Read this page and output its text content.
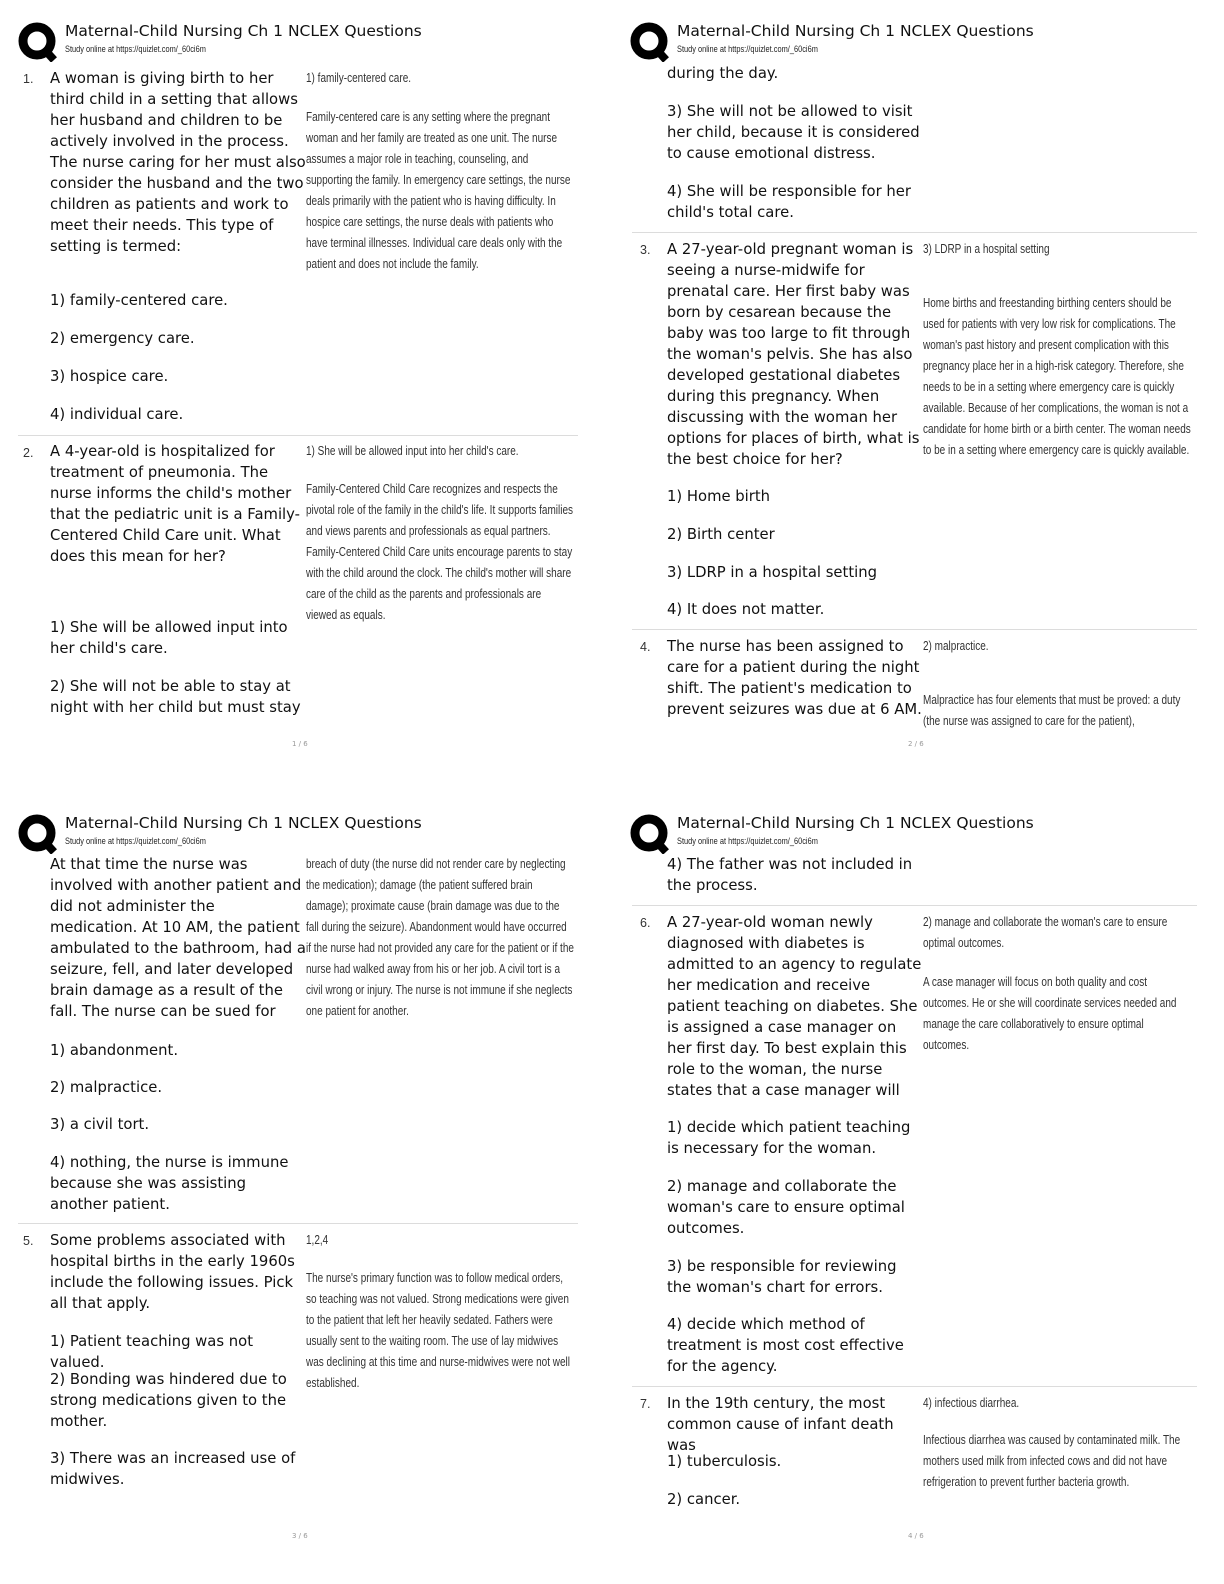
Maternal-Child Nursing Ch 1 NCLEX Questions
Study online at https://quizlet.com/_60ci6m
1. A woman is giving birth to her third child in a setting that allows her husband and children to be actively involved in the process. The nurse caring for her must also consider the husband and the two children as patients and work to meet their needs. This type of setting is termed:
1) family-centered care.
2) emergency care.
3) hospice care.
4) individual care.
1) family-centered care.
Family-centered care is any setting where the pregnant woman and her family are treated as one unit. The nurse assumes a major role in teaching, counseling, and supporting the family. In emergency care settings, the nurse deals primarily with the patient who is having difficulty. In hospice care settings, the nurse deals with patients who have terminal illnesses. Individual care deals only with the patient and does not include the family.
2. A 4-year-old is hospitalized for treatment of pneumonia. The nurse informs the child's mother that the pediatric unit is a Family-Centered Child Care unit. What does this mean for her?
1) She will be allowed input into her child's care.
2) She will not be able to stay at night with her child but must stay
1) She will be allowed input into her child's care.
Family-Centered Child Care recognizes and respects the pivotal role of the family in the child's life. It supports families and views parents and professionals as equal partners. Family-Centered Child Care units encourage parents to stay with the child around the clock. The child's mother will share care of the child as the parents and professionals are viewed as equals.
1 / 6
Maternal-Child Nursing Ch 1 NCLEX Questions
Study online at https://quizlet.com/_60ci6m
during the day.
3) She will not be allowed to visit her child, because it is considered to cause emotional distress.
4) She will be responsible for her child's total care.
3. A 27-year-old pregnant woman is seeing a nurse-midwife for prenatal care. Her first baby was born by cesarean because the baby was too large to fit through the woman's pelvis. She has also developed gestational diabetes during this pregnancy. When discussing with the woman her options for places of birth, what is the best choice for her?
1) Home birth
2) Birth center
3) LDRP in a hospital setting
4) It does not matter.
3) LDRP in a hospital setting
Home births and freestanding birthing centers should be used for patients with very low risk for complications. The woman's past history and present complication with this pregnancy place her in a high-risk category. Therefore, she needs to be in a setting where emergency care is quickly available. Because of her complications, the woman is not a candidate for home birth or a birth center. The woman needs to be in a setting where emergency care is quickly available.
4. The nurse has been assigned to care for a patient during the night shift. The patient's medication to prevent seizures was due at 6 AM.
2) malpractice.
Malpractice has four elements that must be proved: a duty (the nurse was assigned to care for the patient),
2 / 6
Maternal-Child Nursing Ch 1 NCLEX Questions
Study online at https://quizlet.com/_60ci6m
At that time the nurse was involved with another patient and did not administer the medication. At 10 AM, the patient ambulated to the bathroom, had a seizure, fell, and later developed brain damage as a result of the fall. The nurse can be sued for
1) abandonment.
2) malpractice.
3) a civil tort.
4) nothing, the nurse is immune because she was assisting another patient.
breach of duty (the nurse did not render care by neglecting the medication); damage (the patient suffered brain damage); proximate cause (brain damage was due to the fall during the seizure). Abandonment would have occurred if the nurse had not provided any care for the patient or if the nurse had walked away from his or her job. A civil tort is a civil wrong or injury. The nurse is not immune if she neglects one patient for another.
5. Some problems associated with hospital births in the early 1960s include the following issues. Pick all that apply.
1) Patient teaching was not valued.
2) Bonding was hindered due to strong medications given to the mother.
3) There was an increased use of midwives.
1,2,4
The nurse's primary function was to follow medical orders, so teaching was not valued. Strong medications were given to the patient that left her heavily sedated. Fathers were usually sent to the waiting room. The use of lay midwives was declining at this time and nurse-midwives were not well established.
3 / 6
Maternal-Child Nursing Ch 1 NCLEX Questions
Study online at https://quizlet.com/_60ci6m
4) The father was not included in the process.
6. A 27-year-old woman newly diagnosed with diabetes is admitted to an agency to regulate her medication and receive patient teaching on diabetes. She is assigned a case manager on her first day. To best explain this role to the woman, the nurse states that a case manager will
1) decide which patient teaching is necessary for the woman.
2) manage and collaborate the woman's care to ensure optimal outcomes.
3) be responsible for reviewing the woman's chart for errors.
4) decide which method of treatment is most cost effective for the agency.
2) manage and collaborate the woman's care to ensure optimal outcomes.
A case manager will focus on both quality and cost outcomes. He or she will coordinate services needed and manage the care collaboratively to ensure optimal outcomes.
7. In the 19th century, the most common cause of infant death was
1) tuberculosis.
2) cancer.
4) infectious diarrhea.
Infectious diarrhea was caused by contaminated milk. The mothers used milk from infected cows and did not have refrigeration to prevent further bacteria growth.
4 / 6
